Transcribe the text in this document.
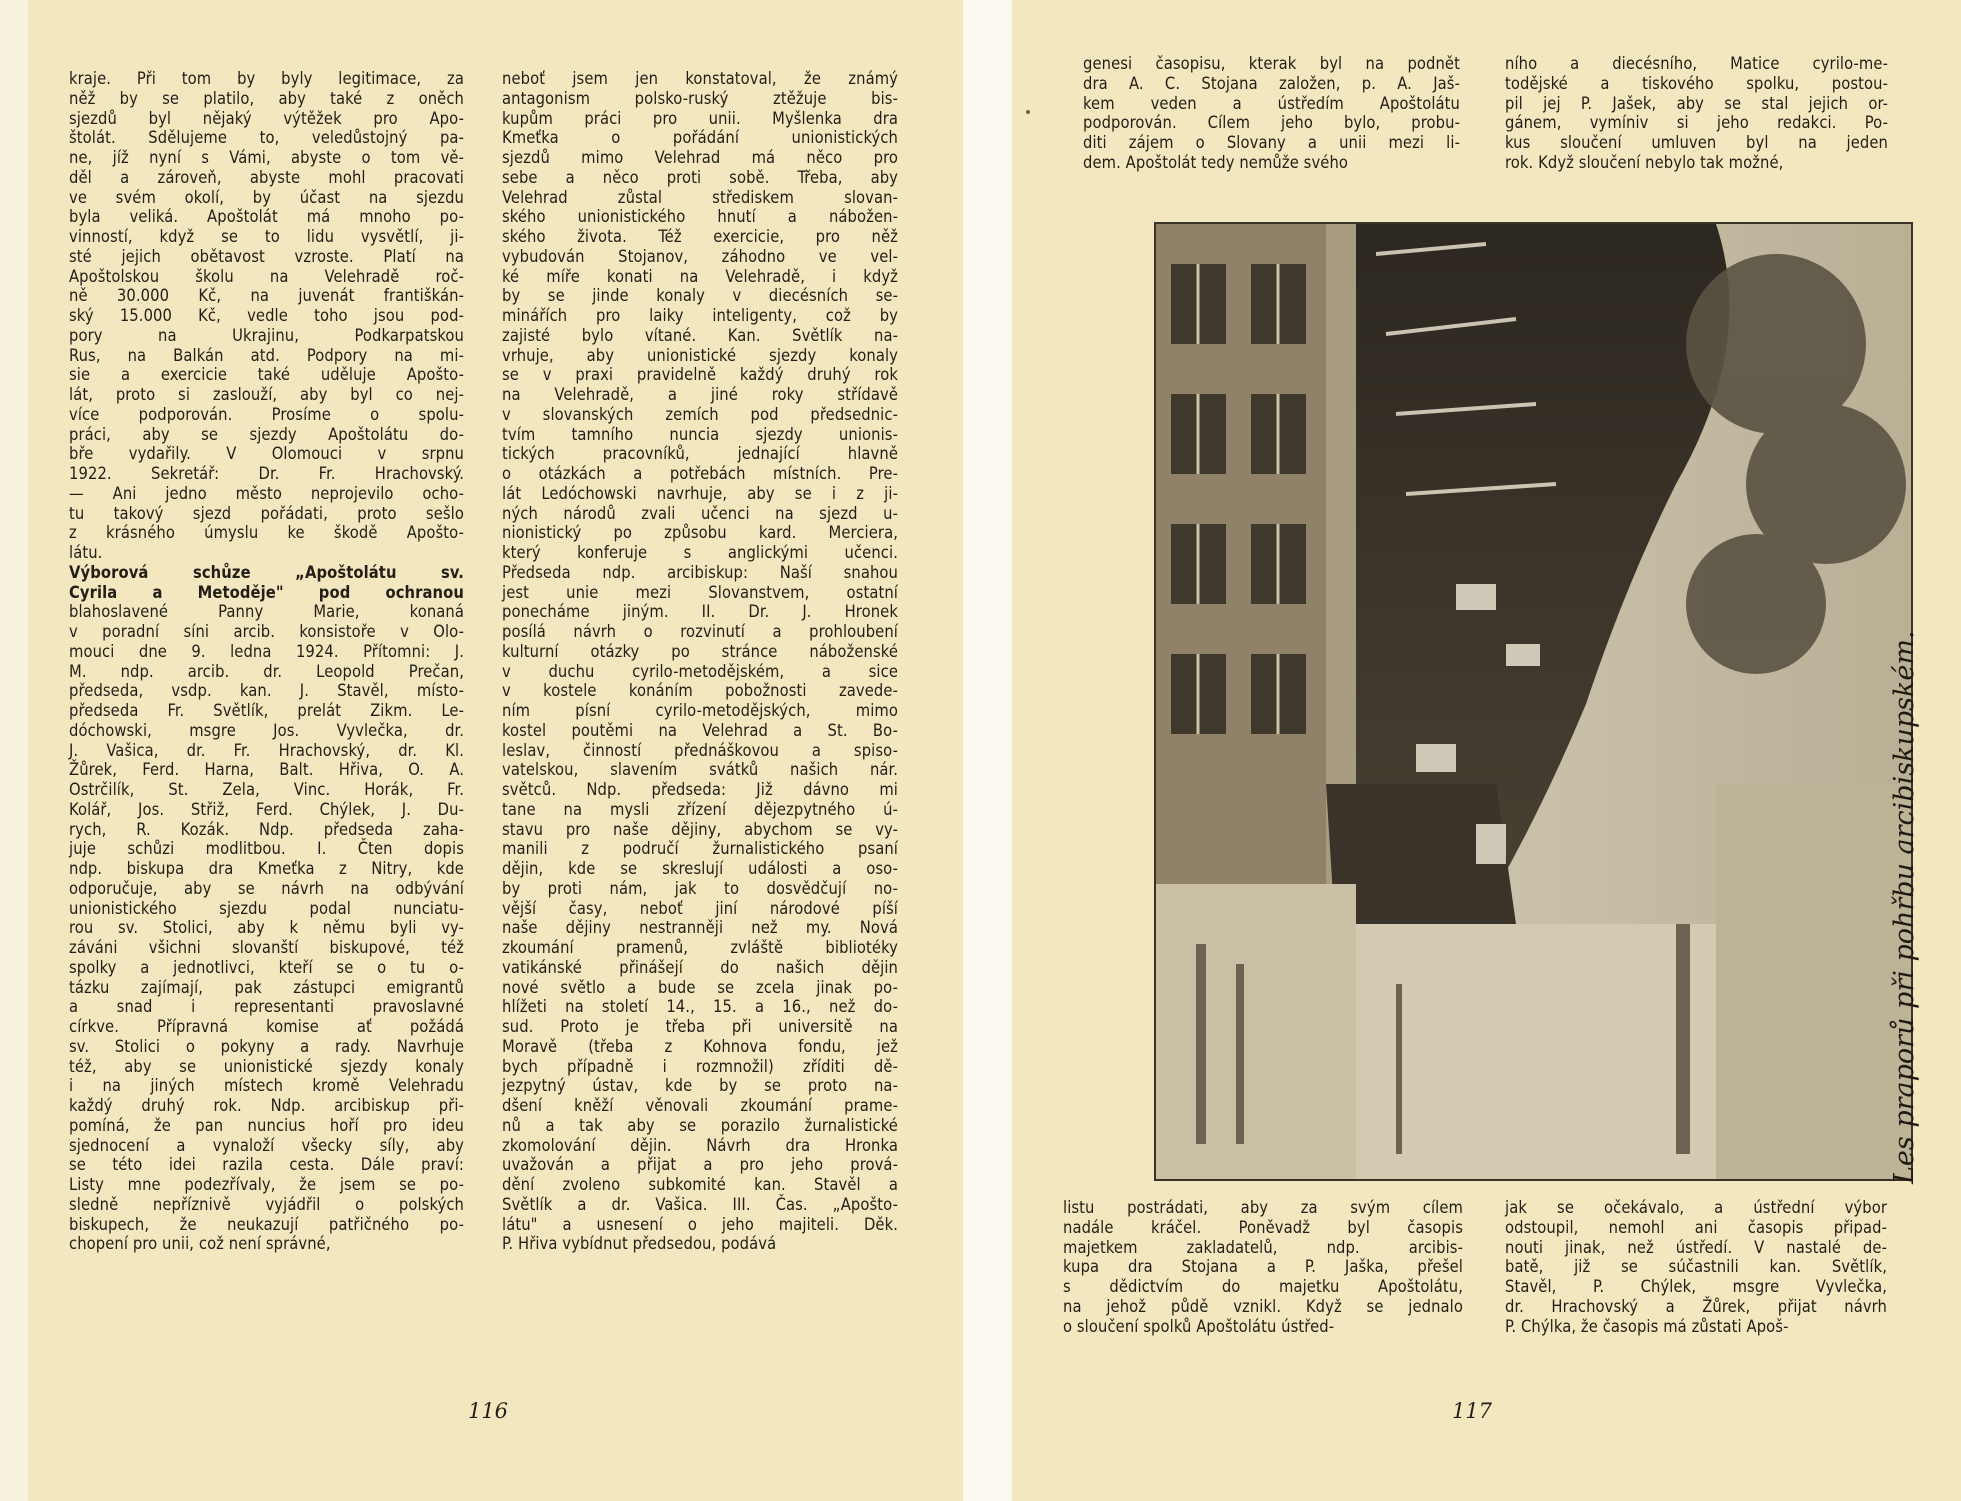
kraje. Při tom by byly legitimace, za
něž by se platilo, aby také z oněch
sjezdů byl nějaký výtěžek pro Apo-
štolát. Sdělujeme to, veledůstojný pa-
ne, jíž nyní s Vámi, abyste o tom vě-
děl a zároveň, abyste mohl pracovati
ve svém okolí, by účast na sjezdu
byla veliká. Apoštolát má mnoho po-
vinností, když se to lidu vysvětlí, ji-
sté jejich obětavost vzroste. Platí na
Apoštolskou školu na Velehradě roč-
ně 30.000 Kč, na juvenát františkán-
ský 15.000 Kč, vedle toho jsou pod-
pory na Ukrajinu, Podkarpatskou
Rus, na Balkán atd. Podpory na mi-
sie a exercicie také uděluje Apošto-
lát, proto si zaslouží, aby byl co nej-
více podporován. Prosíme o spolu-
práci, aby se sjezdy Apoštolátu do-
bře vydařily. V Olomouci v srpnu
1922. Sekretář: Dr. Fr. Hrachovský.
— Ani jedno město neprojevilo ocho-
tu takový sjezd pořádati, proto sešlo
z krásného úmyslu ke škodě Apošto-
látu.
Výborová schůze „Apoštolátu sv.
Cyrila a Metoděje" pod ochranou
blahoslavené Panny Marie, konaná
v poradní síni arcib. konsistoře v Olo-
mouci dne 9. ledna 1924. Přítomni: J.
M. ndp. arcib. dr. Leopold Prečan,
předseda, vsdp. kan. J. Stavěl, místo-
předseda Fr. Světlík, prelát Zikm. Le-
dóchowski, msgre Jos. Vyvlečka, dr.
J. Vašica, dr. Fr. Hrachovský, dr. Kl.
Žůrek, Ferd. Harna, Balt. Hřiva, O. A.
Ostrčilík, St. Zela, Vinc. Horák, Fr.
Kolář, Jos. Střiž, Ferd. Chýlek, J. Du-
rych, R. Kozák. Ndp. předseda zaha-
juje schůzi modlitbou. I. Čten dopis
ndp. biskupa dra Kmeťka z Nitry, kde
odporučuje, aby se návrh na odbývání
unionistického sjezdu podal nunciatu-
rou sv. Stolici, aby k němu byli vy-
záváni všichni slovanští biskupové, též
spolky a jednotlivci, kteří se o tu o-
tázku zajímají, pak zástupci emigrantů
a snad i representanti pravoslavné
církve. Přípravná komise ať požádá
sv. Stolici o pokyny a rady. Navrhuje
též, aby se unionistické sjezdy konaly
i na jiných místech kromě Velehradu
každý druhý rok. Ndp. arcibiskup při-
pomíná, že pan nuncius hoří pro ideu
sjednocení a vynaloží všecky síly, aby
se této idei razila cesta. Dále praví:
Listy mne podezřívaly, že jsem se po-
sledně nepříznivě vyjádřil o polských
biskupech, že neukazují patřičného po-
chopení pro unii, což není správné,
neboť jsem jen konstatoval, že známý
antagonism polsko-ruský ztěžuje bis-
kupům práci pro unii. Myšlenka dra
Kmeťka o pořádání unionistických
sjezdů mimo Velehrad má něco pro
sebe a něco proti sobě. Třeba, aby
Velehrad zůstal střediskem slovan-
ského unionistického hnutí a nábožen-
ského života. Též exercicie, pro něž
vybudován Stojanov, záhodno ve vel-
ké míře konati na Velehradě, i když
by se jinde konaly v diecésních se-
minářích pro laiky inteligenty, což by
zajisté bylo vítané. Kan. Světlík na-
vrhuje, aby unionistické sjezdy konaly
se v praxi pravidelně každý druhý rok
na Velehradě, a jiné roky střídavě
v slovanských zemích pod předsednic-
tvím tamního nuncia sjezdy unionis-
tických pracovníků, jednající hlavně
o otázkách a potřebách místních. Pre-
lát Ledóchowski navrhuje, aby se i z ji-
ných národů zvali učenci na sjezd u-
nionistický po způsobu kard. Merciera,
který konferuje s anglickými učenci.
Předseda ndp. arcibiskup: Naší snahou
jest unie mezi Slovanstvem, ostatní
ponecháme jiným. II. Dr. J. Hronek
posílá návrh o rozvinutí a prohloubení
kulturní otázky po stránce náboženské
v duchu cyrilo-metodějském, a sice
v kostele konáním pobožnosti zavede-
ním písní cyrilo-metodějských, mimo
kostel poutěmi na Velehrad a St. Bo-
leslav, činností přednáškovou a spiso-
vatelskou, slavením svátků našich nár.
světců. Ndp. předseda: Již dávno mi
tane na mysli zřízení dějezpytného ú-
stavu pro naše dějiny, abychom se vy-
manili z područí žurnalistického psaní
dějin, kde se skreslují události a oso-
by proti nám, jak to dosvědčují no-
vější časy, neboť jiní národové píší
naše dějiny nestranněji než my. Nová
zkoumání pramenů, zvláště bibliotéky
vatikánské přinášejí do našich dějin
nové světlo a bude se zcela jinak po-
hlížeti na století 14., 15. a 16., než do-
sud. Proto je třeba při universitě na
Moravě (třeba z Kohnova fondu, jež
bych případně i rozmnožil) zříditi dě-
jezpytný ústav, kde by se proto na-
dšení kněží věnovali zkoumání prame-
nů a tak aby se porazilo žurnalistické
zkomolování dějin. Návrh dra Hronka
uvažován a přijat a pro jeho prová-
dění zvoleno subkomité kan. Stavěl a
Světlík a dr. Vašica. III. Čas. „Apošto-
látu" a usnesení o jeho majiteli. Děk.
P. Hřiva vybídnut předsedou, podává
116
genesi časopisu, kterak byl na podnět
dra A. C. Stojana založen, p. A. Jaš-
kem veden a ústředím Apoštolátu
podporován. Cílem jeho bylo, probu-
diti zájem o Slovany a unii mezi li-
dem. Apoštolát tedy nemůže svého
ního a diecésního, Matice cyrilo-me-
todějské a tiskového spolku, postou-
pil jej P. Jašek, aby se stal jejich or-
gánem, vymíniv si jeho redakci. Po-
kus sloučení umluven byl na jeden
rok. Když sloučení nebylo tak možné,
Les praporů při pohřbu arcibiskupském.
listu postrádati, aby za svým cílem
nadále kráčel. Poněvadž byl časopis
majetkem zakladatelů, ndp. arcibis-
kupa dra Stojana a P. Jaška, přešel
s dědictvím do majetku Apoštolátu,
na jehož půdě vznikl. Když se jednalo
o sloučení spolků Apoštolátu ústřed-
jak se očekávalo, a ústřední výbor
odstoupil, nemohl ani časopis připad-
nouti jinak, než ústředí. V nastalé de-
batě, již se súčastnili kan. Světlík,
Stavěl, P. Chýlek, msgre Vyvlečka,
dr. Hrachovský a Žůrek, přijat návrh
P. Chýlka, že časopis má zůstati Apoš-
117
